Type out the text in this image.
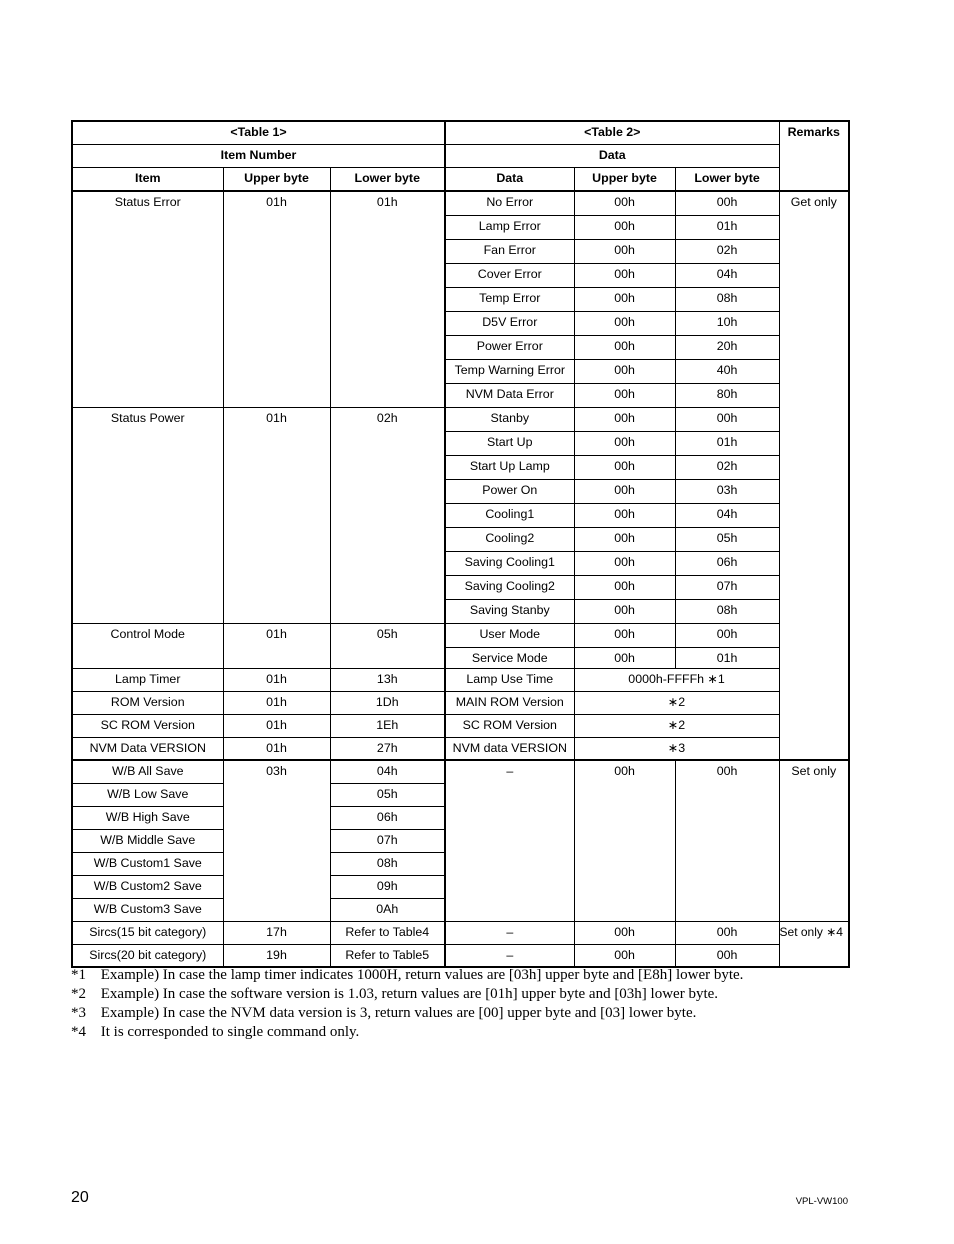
<Table 1>			<Table 2>			Remarks
Item Number			Data			
Item	Upper byte	Lower byte	Data	Upper byte	Lower byte	
Status Error	01h	01h	No Error	00h	00h	Get only
			Lamp Error	00h	01h	
			Fan Error	00h	02h	
			Cover Error	00h	04h	
			Temp Error	00h	08h	
			D5V Error	00h	10h	
			Power Error	00h	20h	
			Temp Warning Error	00h	40h	
			NVM Data Error	00h	80h	
Status Power	01h	02h	Stanby	00h	00h	
			Start Up	00h	01h	
			Start Up Lamp	00h	02h	
			Power On	00h	03h	
			Cooling1	00h	04h	
			Cooling2	00h	05h	
			Saving Cooling1	00h	06h	
			Saving Cooling2	00h	07h	
			Saving Stanby	00h	08h	
Control Mode	01h	05h	User Mode	00h	00h	
			Service Mode	00h	01h	
Lamp Timer	01h	13h	Lamp Use Time	0000h-FFFFh ∗1		
ROM Version	01h	1Dh	MAIN ROM Version	∗2		
SC ROM Version	01h	1Eh	SC ROM Version	∗2		
NVM Data VERSION	01h	27h	NVM data VERSION	∗3		
W/B All Save	03h	04h	–	00h	00h	Set only
W/B Low Save		05h				
W/B High Save		06h				
W/B Middle Save		07h				
W/B Custom1 Save		08h				
W/B Custom2 Save		09h				
W/B Custom3 Save		0Ah				
Sircs(15 bit category)	17h	Refer to Table4	–	00h	00h	Set only ∗4
Sircs(20 bit category)	19h	Refer to Table5	–	00h	00h	
*1 Example) In case the lamp timer indicates 1000H, return values are [03h] upper byte and [E8h] lower byte.
*2 Example) In case the software version is 1.03, return values are [01h] upper byte and [03h] lower byte.
*3 Example) In case the NVM data version is 3, return values are [00] upper byte and [03] lower byte.
*4 It is corresponded to single command only.
20	VPL-VW100
